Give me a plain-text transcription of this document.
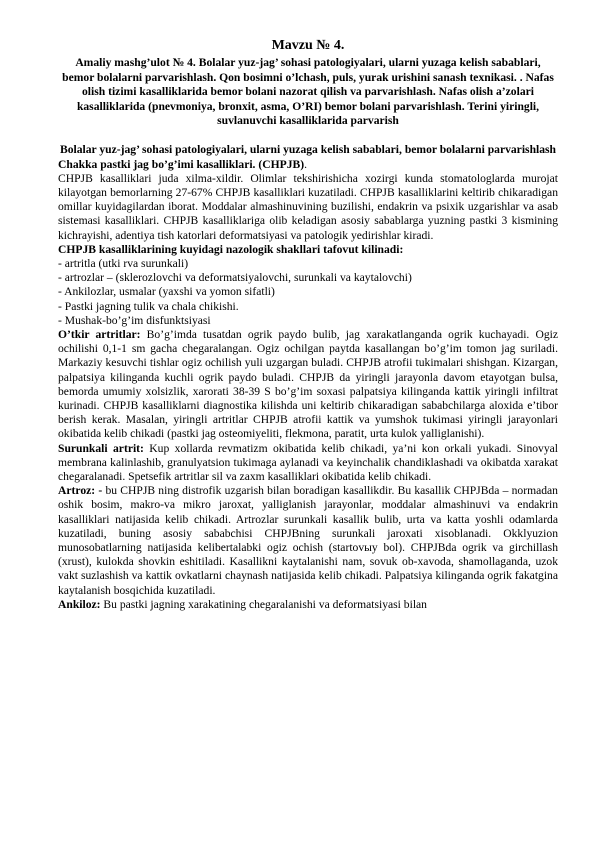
Mavzu № 4.
Amaliy mashg’ulot № 4. Bolalar yuz-jag’ sohasi patologiyalari, ularni yuzaga kelish sabablari, bemor bolalarni parvarishlash. Qon bosimni o’lchash, puls, yurak urishini sanash texnikasi. . Nafas olish tizimi kasalliklarida bemor bolani nazorat qilish va parvarishlash. Nafas olish a’zolari kasalliklarida (pnevmoniya, bronxit, asma, O’RI) bemor bolani parvarishlash. Terini yiringli, suvlanuvchi kasalliklarida parvarish
Bolalar yuz-jag’ sohasi patologiyalari, ularni yuzaga kelish sabablari, bemor bolalarni parvarishlash

Chakka pastki jag bo’g’imi kasalliklari. (CHPJB).

CHPJB kasalliklari juda xilma-xildir. Olimlar tekshirishicha xozirgi kunda stomatologlarda murojat kilayotgan bemorlarning 27-67% CHPJB kasalliklari kuzatiladi. CHPJB kasalliklarini keltirib chikaradigan omillar kuyidagilardan iborat. Moddalar almashinuvining buzilishi, endakrin va psixik uzgarishlar va asab sistemasi kasalliklari. CHPJB kasalliklariga olib keladigan asosiy sabablarga yuzning pastki 3 kismining kichrayishi, adentiya tish katorlari deformatsiyasi va patologik yedirishlar kiradi.

CHPJB kasalliklarining kuyidagi nazologik shakllari tafovut kilinadi:

- artritla (utki rva surunkali)
- artrozlar – (sklerozlovchi va deformatsiyalovchi, surunkali va kaytalovchi)
- Ankilozlar, usmalar (yaxshi va yomon sifatli)
- Pastki jagning tulik va chala chikishi.
- Mushak-bo’g’im disfunktsiyasi

O’tkir artritlar: Bo’g’imda tusatdan ogrik paydo bulib, jag xarakatlanganda ogrik kuchayadi. Ogiz ochilishi 0,1-1 sm gacha chegaralangan. Ogiz ochilgan paytda kasallangan bo’g’im tomon jag suriladi. Markaziy kesuvchi tishlar ogiz ochilish yuli uzgargan buladi. CHPJB atrofii tukimalari shishgan. Kizargan, palpatsiya kilinganda kuchli ogrik paydo buladi. CHPJB da yiringli jarayonla davom etayotgan bulsa, bemorda umumiy xolsizlik, xarorati 38-39 S bo’g’im soxasi palpatsiya kilinganda kattik yiringli infiltrat kurinadi. CHPJB kasalliklarni diagnostika kilishda uni keltirib chikaradigan sababchilarga aloxida e’tibor berish kerak. Masalan, yiringli artritlar CHPJB atrofii kattik va yumshok tukimasi yiringli jarayonlari okibatida kelib chikadi (pastki jag osteomiyeliti, flekmona, paratit, urta kulok yalliglanishi).

Surunkali artrit: Kup xollarda revmatizm okibatida kelib chikadi, ya’ni kon orkali yukadi. Sinovyal membrana kalinlashib, granulyatsion tukimaga aylanadi va keyinchalik chandiklashadi va okibatda xarakat chegaralanadi. Spetsefik artritlar sil va zaxm kasalliklari okibatida kelib chikadi.

Artroz: - bu CHPJB ning distrofik uzgarish bilan boradigan kasallikdir. Bu kasallik CHPJBda – normadan oshik bosim, makro-va mikro jaroxat, yalliglanish jarayonlar, moddalar almashinuvi va endakrin kasalliklari natijasida kelib chikadi. Artrozlar surunkali kasallik bulib, urta va katta yoshli odamlarda kuzatiladi, buning asosiy sababchisi CHPJBning surunkali jaroxati xisoblanadi. Okklyuzion munosobatlarning natijasida kelibertalabki ogiz ochish (startovыy bol). CHPJBda ogrik va girchillash (xrust), kulokda shovkin eshitiladi. Kasallikni kaytalanishi nam, sovuk ob-xavoda, shamollaganda, uzok vakt suzlashish va kattik ovkatlarni chaynash natijasida kelib chikadi. Palpatsiya kilinganda ogrik fakatgina kaytalanish bosqichida kuzatiladi.

Ankiloz: Bu pastki jagning xarakatining chegaralanishi va deformatsiyasi bilan
